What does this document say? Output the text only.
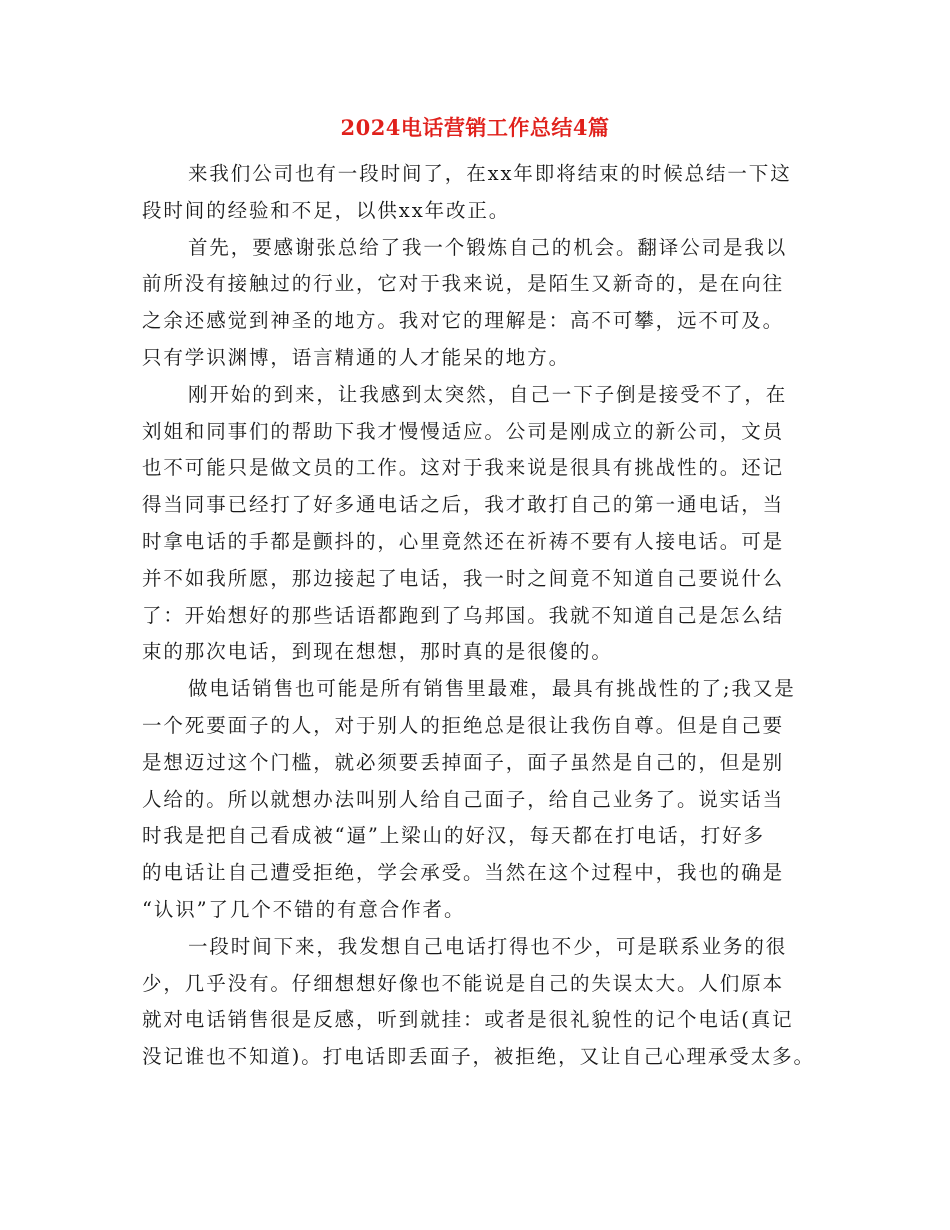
2024电话营销工作总结4篇
来我们公司也有一段时间了，在xx年即将结束的时候总结一下这
段时间的经验和不足，以供xx年改正。
首先，要感谢张总给了我一个锻炼自己的机会。翻译公司是我以
前所没有接触过的行业，它对于我来说，是陌生又新奇的，是在向往
之余还感觉到神圣的地方。我对它的理解是：高不可攀，远不可及。
只有学识渊博，语言精通的人才能呆的地方。
刚开始的到来，让我感到太突然，自己一下子倒是接受不了，在
刘姐和同事们的帮助下我才慢慢适应。公司是刚成立的新公司，文员
也不可能只是做文员的工作。这对于我来说是很具有挑战性的。还记
得当同事已经打了好多通电话之后，我才敢打自己的第一通电话，当
时拿电话的手都是颤抖的，心里竟然还在祈祷不要有人接电话。可是
并不如我所愿，那边接起了电话，我一时之间竟不知道自己要说什么
了：开始想好的那些话语都跑到了乌邦国。我就不知道自己是怎么结
束的那次电话，到现在想想，那时真的是很傻的。
做电话销售也可能是所有销售里最难，最具有挑战性的了;我又是
一个死要面子的人，对于别人的拒绝总是很让我伤自尊。但是自己要
是想迈过这个门槛，就必须要丢掉面子，面子虽然是自己的，但是别
人给的。所以就想办法叫别人给自己面子，给自己业务了。说实话当
时我是把自己看成被“逼”上梁山的好汉，每天都在打电话，打好多
的电话让自己遭受拒绝，学会承受。当然在这个过程中，我也的确是
“认识”了几个不错的有意合作者。
一段时间下来，我发想自己电话打得也不少，可是联系业务的很
少，几乎没有。仔细想想好像也不能说是自己的失误太大。人们原本
就对电话销售很是反感，听到就挂：或者是很礼貌性的记个电话(真记
没记谁也不知道)。打电话即丢面子，被拒绝，又让自己心理承受太多。
